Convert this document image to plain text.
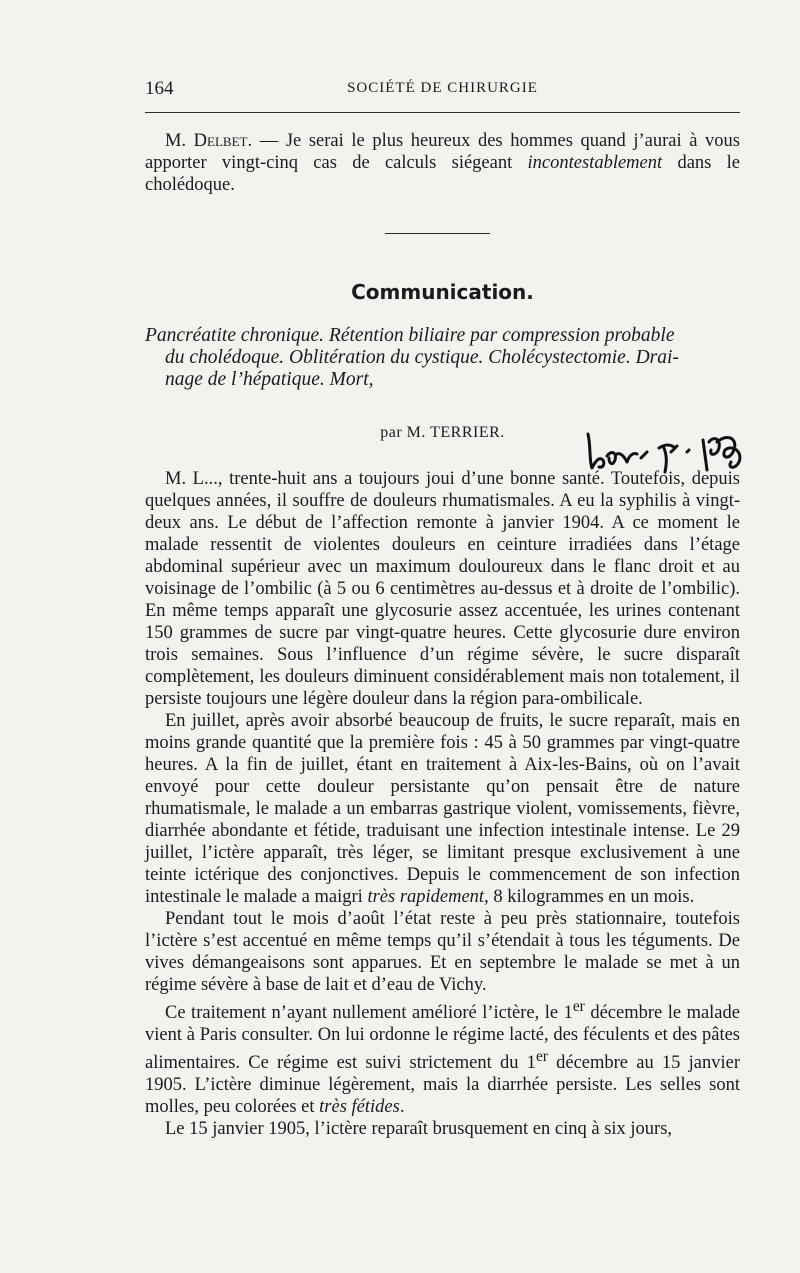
164	SOCIÉTÉ DE CHIRURGIE

M. Delbet. — Je serai le plus heureux des hommes quand j’aurai à vous apporter vingt-cinq cas de calculs siégeant incontestablement dans le cholédoque.

Communication.
Pancréatite chronique. Rétention biliaire par compression probable
du cholédoque. Oblitération du cystique. Cholécystectomie. Drai-
nage de l’hépatique. Mort,
par M. TERRIER.

M. L..., trente-huit ans a toujours joui d’une bonne santé. Toutefois, depuis quelques années, il souffre de douleurs rhumatismales. A eu la syphilis à vingt-deux ans. Le début de l’affection remonte à janvier 1904. A ce moment le malade ressentit de violentes douleurs en ceinture irradiées dans l’étage abdominal supérieur avec un maximum douloureux dans le flanc droit et au voisinage de l’ombilic (à 5 ou 6 centimètres au-dessus et à droite de l’ombilic). En même temps apparaît une glycosurie assez accentuée, les urines contenant 150 grammes de sucre par vingt-quatre heures. Cette glycosurie dure environ trois semaines. Sous l’influence d’un régime sévère, le sucre disparaît complètement, les douleurs diminuent considérablement mais non totalement, il persiste toujours une légère douleur dans la région para-ombilicale.

En juillet, après avoir absorbé beaucoup de fruits, le sucre reparaît, mais en moins grande quantité que la première fois : 45 à 50 grammes par vingt-quatre heures. A la fin de juillet, étant en traitement à Aix-les-Bains, où on l’avait envoyé pour cette douleur persistante qu’on pensait être de nature rhumatismale, le malade a un embarras gastrique violent, vomissements, fièvre, diarrhée abondante et fétide, traduisant une infection intestinale intense. Le 29 juillet, l’ictère apparaît, très léger, se limitant presque exclusivement à une teinte ictérique des conjonctives. Depuis le commencement de son infection intestinale le malade a maigri très rapidement, 8 kilogrammes en un mois.

Pendant tout le mois d’août l’état reste à peu près stationnaire, toutefois l’ictère s’est accentué en même temps qu’il s’étendait à tous les téguments. De vives démangeaisons sont apparues. Et en septembre le malade se met à un régime sévère à base de lait et d’eau de Vichy.

Ce traitement n’ayant nullement amélioré l’ictère, le 1er décembre le malade vient à Paris consulter. On lui ordonne le régime lacté, des féculents et des pâtes alimentaires. Ce régime est suivi strictement du 1er décembre au 15 janvier 1905. L’ictère diminue légèrement, mais la diarrhée persiste. Les selles sont molles, peu colorées et très fétides.

Le 15 janvier 1905, l’ictère reparaît brusquement en cinq à six jours,
